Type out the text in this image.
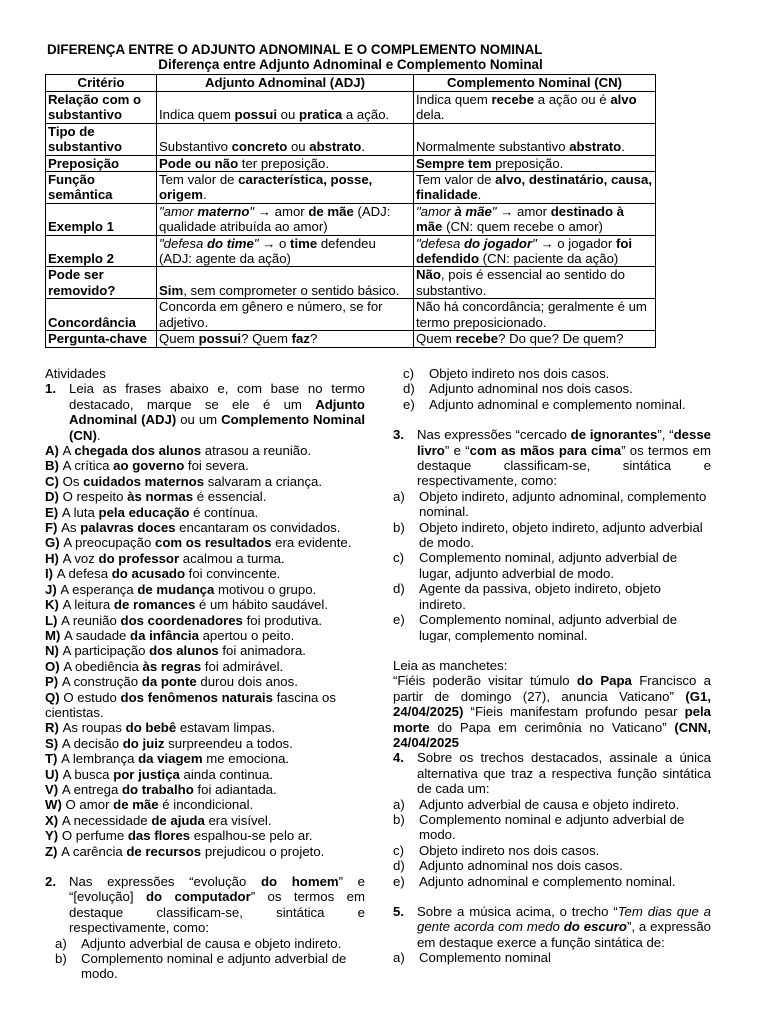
DIFERENÇA ENTRE O ADJUNTO ADNOMINAL E O COMPLEMENTO NOMINAL
Diferença entre Adjunto Adnominal e Complemento Nominal
Critério	Adjunto Adnominal (ADJ)	Complemento Nominal (CN)
Relação com o substantivo	Indica quem possui ou pratica a ação.	Indica quem recebe a ação ou é alvo dela.
Tipo de substantivo	Substantivo concreto ou abstrato.	Normalmente substantivo abstrato.
Preposição	Pode ou não ter preposição.	Sempre tem preposição.
Função semântica	Tem valor de característica, posse, origem.	Tem valor de alvo, destinatário, causa, finalidade.
Exemplo 1	"amor materno" → amor de mãe (ADJ: qualidade atribuída ao amor)	"amor à mãe" → amor destinado à mãe (CN: quem recebe o amor)
Exemplo 2	"defesa do time" → o time defendeu (ADJ: agente da ação)	"defesa do jogador" → o jogador foi defendido (CN: paciente da ação)
Pode ser removido?	Sim, sem comprometer o sentido básico.	Não, pois é essencial ao sentido do substantivo.
Concordância	Concorda em gênero e número, se for adjetivo.	Não há concordância; geralmente é um termo preposicionado.
Pergunta-chave	Quem possui? Quem faz?	Quem recebe? Do que? De quem?
Atividades
1. Leia as frases abaixo e, com base no termo destacado, marque se ele é um Adjunto Adnominal (ADJ) ou um Complemento Nominal (CN).
A) A chegada dos alunos atrasou a reunião.
B) A crítica ao governo foi severa.
C) Os cuidados maternos salvaram a criança.
D) O respeito às normas é essencial.
E) A luta pela educação é contínua.
F) As palavras doces encantaram os convidados.
G) A preocupação com os resultados era evidente.
H) A voz do professor acalmou a turma.
I) A defesa do acusado foi convincente.
J) A esperança de mudança motivou o grupo.
K) A leitura de romances é um hábito saudável.
L) A reunião dos coordenadores foi produtiva.
M) A saudade da infância apertou o peito.
N) A participação dos alunos foi animadora.
O) A obediência às regras foi admirável.
P) A construção da ponte durou dois anos.
Q) O estudo dos fenômenos naturais fascina os cientistas.
R) As roupas do bebê estavam limpas.
S) A decisão do juiz surpreendeu a todos.
T) A lembrança da viagem me emociona.
U) A busca por justiça ainda continua.
V) A entrega do trabalho foi adiantada.
W) O amor de mãe é incondicional.
X) A necessidade de ajuda era visível.
Y) O perfume das flores espalhou-se pelo ar.
Z) A carência de recursos prejudicou o projeto.
2. Nas expressões “evolução do homem” e “[evolução] do computador” os termos em destaque classificam-se, sintática e respectivamente, como:
a)	Adjunto adverbial de causa e objeto indireto.
b)	Complemento nominal e adjunto adverbial de modo.
c)	Objeto indireto nos dois casos.
d)	Adjunto adnominal nos dois casos.
e)	Adjunto adnominal e complemento nominal.
3. Nas expressões “cercado de ignorantes”, “desse livro” e “com as mãos para cima” os termos em destaque classificam-se, sintática e respectivamente, como:
a)	Objeto indireto, adjunto adnominal, complemento nominal.
b)	Objeto indireto, objeto indireto, adjunto adverbial de modo.
c)	Complemento nominal, adjunto adverbial de lugar, adjunto adverbial de modo.
d)	Agente da passiva, objeto indireto, objeto indireto.
e)	Complemento nominal, adjunto adverbial de lugar, complemento nominal.
Leia as manchetes:
“Fiéis poderão visitar túmulo do Papa Francisco a partir de domingo (27), anuncia Vaticano” (G1, 24/04/2025) “Fieis manifestam profundo pesar pela morte do Papa em cerimônia no Vaticano” (CNN, 24/04/2025
4. Sobre os trechos destacados, assinale a única alternativa que traz a respectiva função sintática de cada um:
a)	Adjunto adverbial de causa e objeto indireto.
b)	Complemento nominal e adjunto adverbial de modo.
c)	Objeto indireto nos dois casos.
d)	Adjunto adnominal nos dois casos.
e)	Adjunto adnominal e complemento nominal.
5. Sobre a música acima, o trecho “Tem dias que a gente acorda com medo do escuro”, a expressão em destaque exerce a função sintática de:
a)	Complemento nominal
